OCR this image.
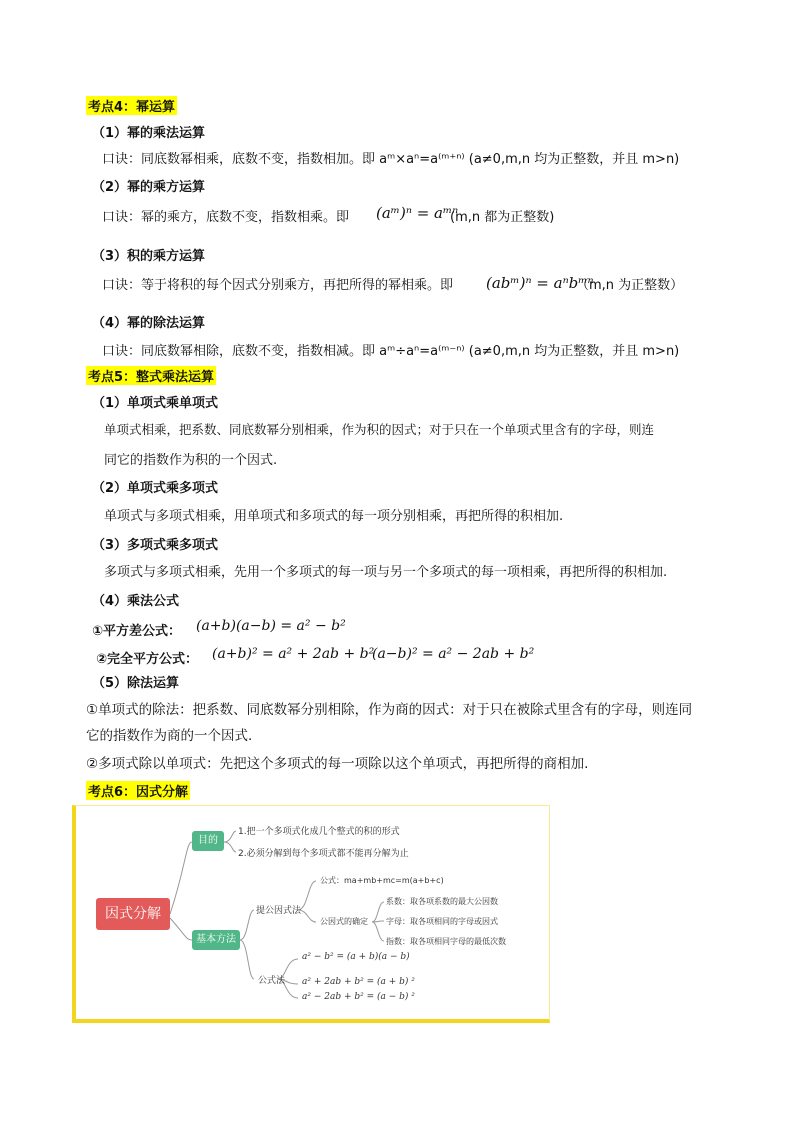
考点4：幂运算
（1）幂的乘法运算
口诀：同底数幂相乘，底数不变，指数相加。即 aᵐ×aⁿ=a⁽ᵐ⁺ⁿ⁾ (a≠0,m,n 均为正整数，并且 m>n)
（2）幂的乘方运算
口诀：幂的乘方，底数不变，指数相乘。即 (aᵐ)ⁿ = aᵐⁿ
(m,n 都为正整数)
（3）积的乘方运算
口诀：等于将积的每个因式分别乘方，再把所得的幂相乘。即 (abᵐ)ⁿ = aⁿbᵐⁿ
（m,n 为正整数）
（4）幂的除法运算
口诀：同底数幂相除，底数不变，指数相减。即 aᵐ÷aⁿ=a⁽ᵐ⁻ⁿ⁾ (a≠0,m,n 均为正整数，并且 m>n)
考点5：整式乘法运算
（1）单项式乘单项式
单项式相乘，把系数、同底数幂分别相乘，作为积的因式；对于只在一个单项式里含有的字母，则连
同它的指数作为积的一个因式.
（2）单项式乘多项式
单项式与多项式相乘，用单项式和多项式的每一项分别相乘，再把所得的积相加.
（3）多项式乘多项式
多项式与多项式相乘，先用一个多项式的每一项与另一个多项式的每一项相乘，再把所得的积相加.
（4）乘法公式
①平方差公式： (a+b)(a−b) = a² − b²
②完全平方公式： (a+b)² = a² + 2ab + b²
(a−b)² = a² − 2ab + b²
（5）除法运算
①单项式的除法：把系数、同底数幂分别相除，作为商的因式：对于只在被除式里含有的字母，则连同
它的指数作为商的一个因式.
②多项式除以单项式：先把这个多项式的每一项除以这个单项式，再把所得的商相加.
考点6：因式分解
因式分解
目的
1.把一个多项式化成几个整式的积的形式
2.必须分解到每个多项式都不能再分解为止
基本方法
提公因式法
公式：ma+mb+mc=m(a+b+c)
公因式的确定
系数：取各项系数的最大公因数
字母：取各项相同的字母或因式
指数：取各项相同字母的最低次数
公式法
a² − b² = (a + b)(a − b)
a² + 2ab + b² = (a + b) ²
a² − 2ab + b² = (a − b) ²
